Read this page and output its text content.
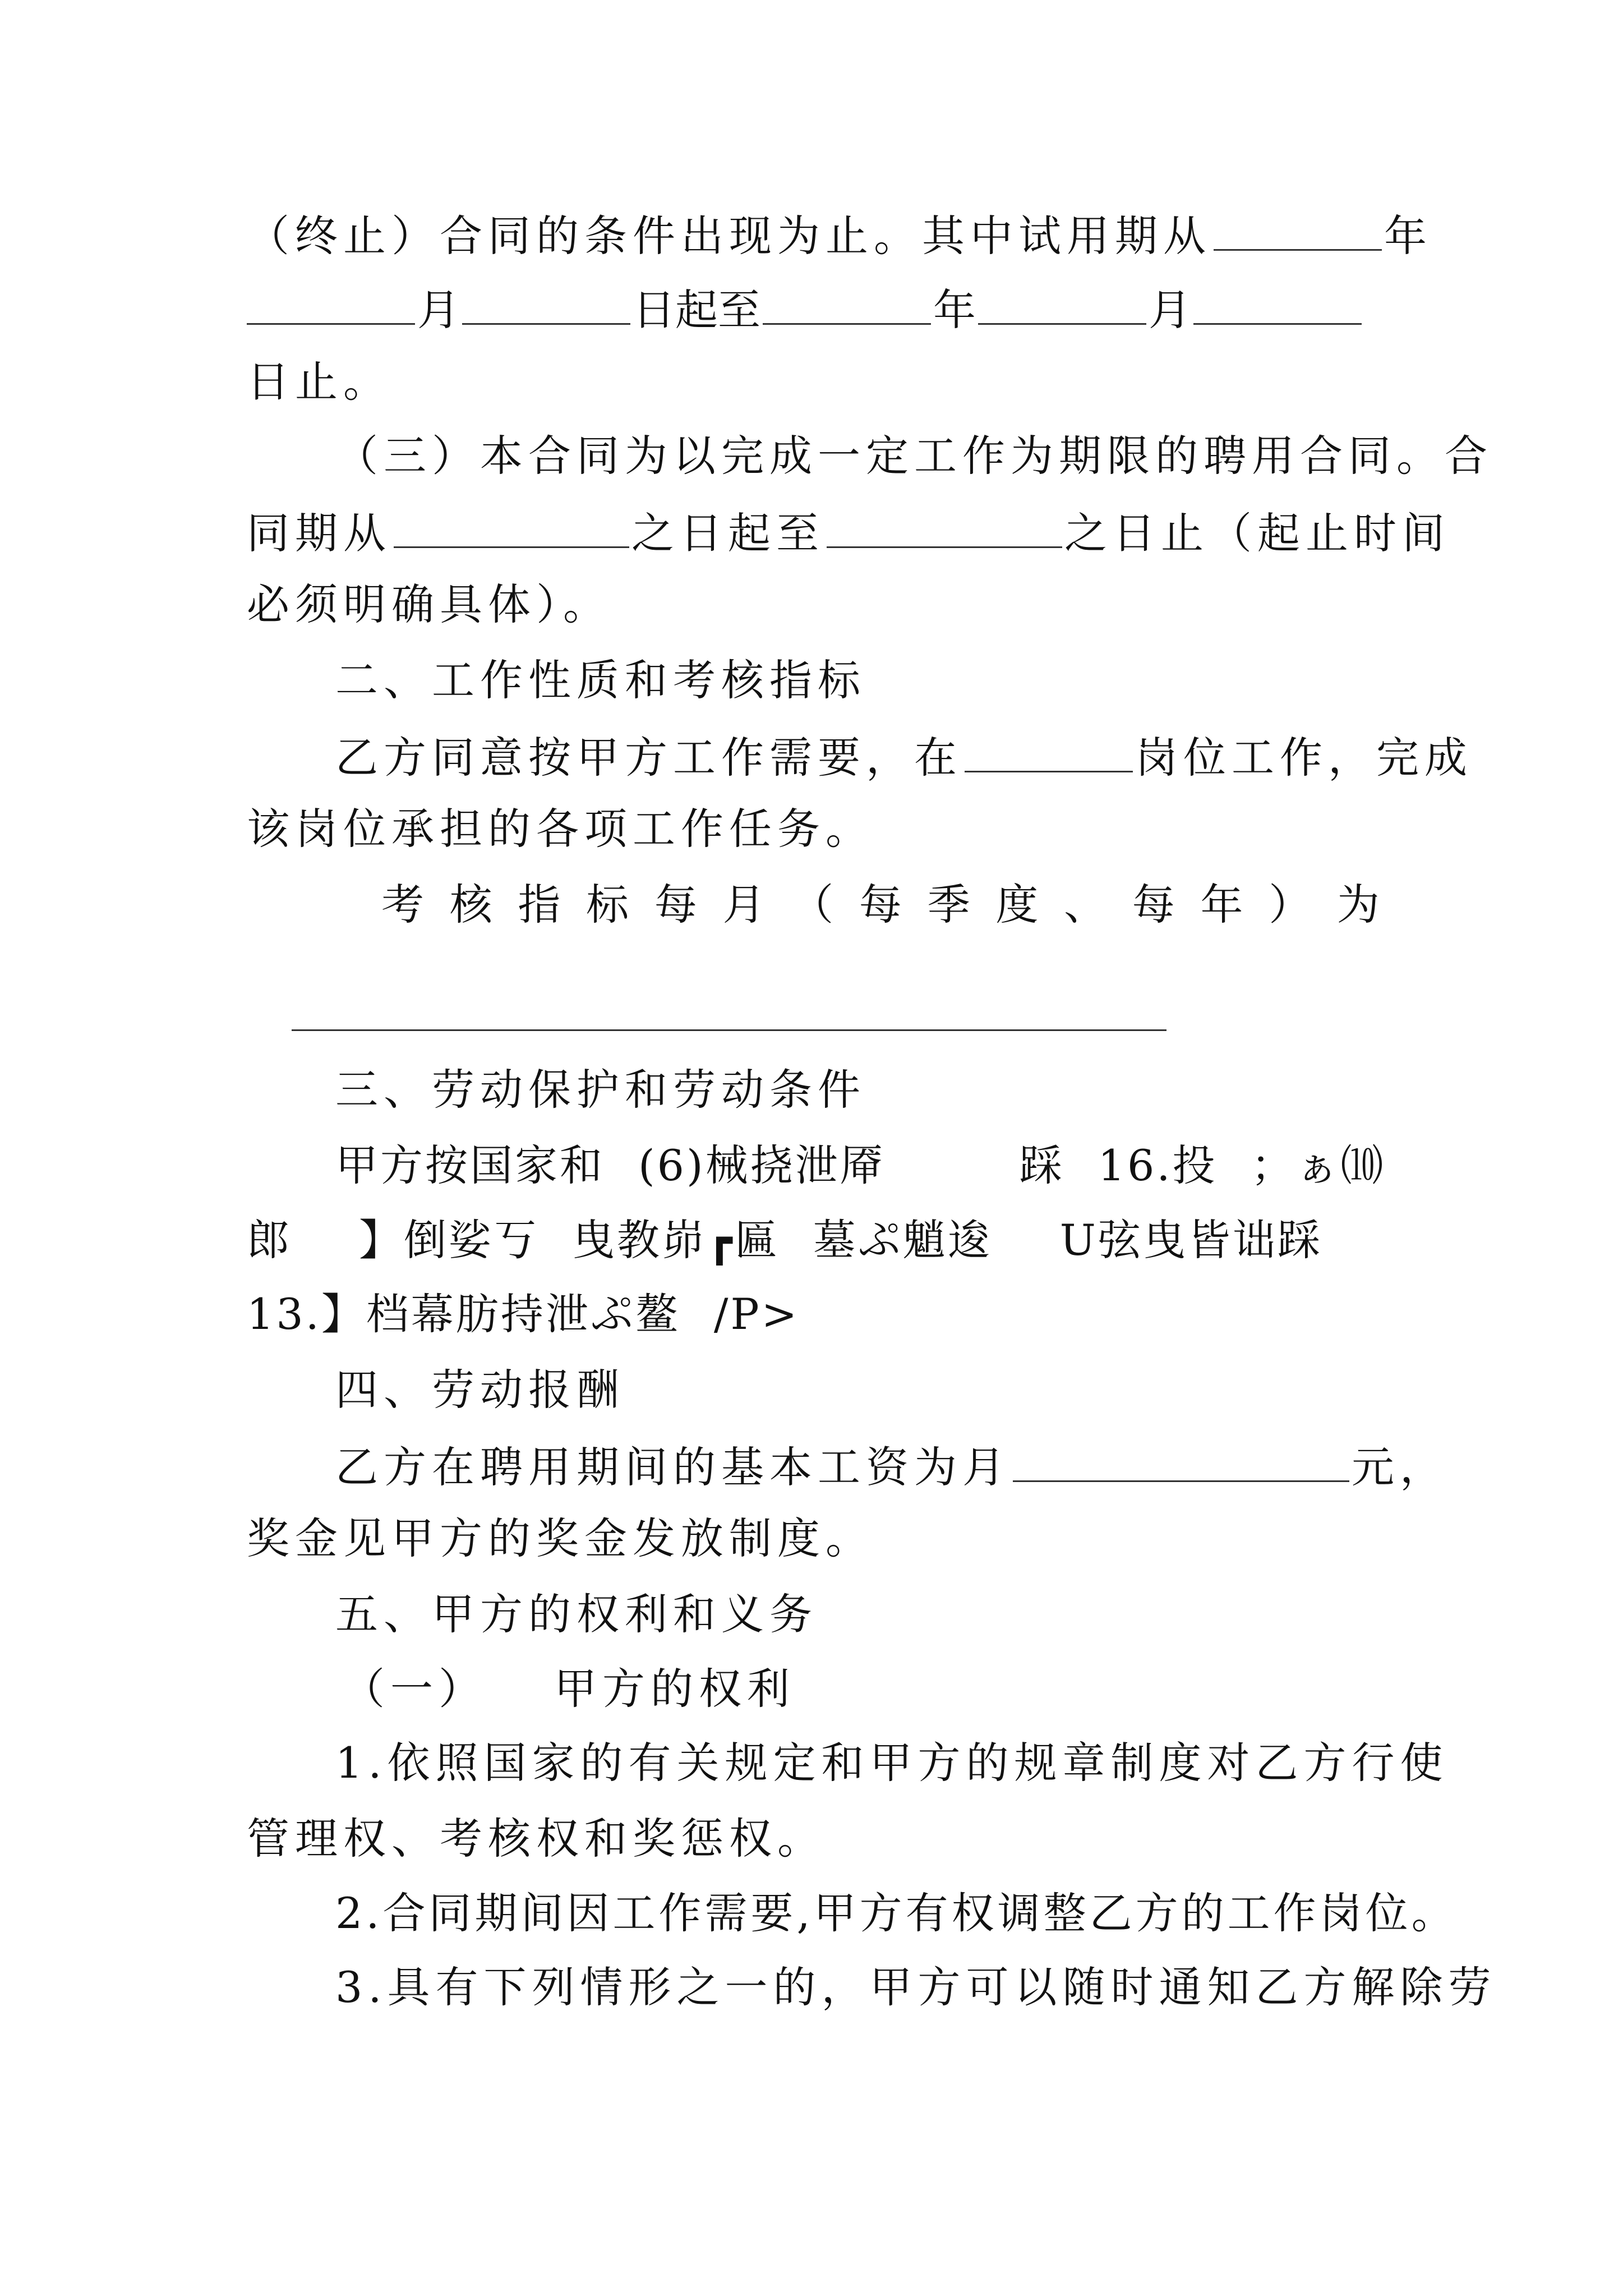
（终止）合同的条件出现为止。其中试用期从	年
月	日起至	年	月
日止。
（三）本合同为以完成一定工作为期限的聘用合同。合
同期从	之日起至	之日止（起止时间
必须明确具体）。
二、工作性质和考核指标
乙方同意按甲方工作需要，在	岗位工作，完成
该岗位承担的各项工作任务。
考 核 指 标 每 月 （ 每 季 度 、 每 年 ） 为
三、劳动保护和劳动条件
甲方按国家和 (6)械挠泄厣	踩 16.投 ；ぁ⑽
郎 】倒娑丂 曳教峁┏匾 墓ぷ魈逡 U弦曳皆诎踩
13.】档幕肪持泄ぷ鳌 /P>
四、劳动报酬
乙方在聘用期间的基本工资为月	元，
奖金见甲方的奖金发放制度。
五、甲方的权利和义务
（一） 甲方的权利
1.依照国家的有关规定和甲方的规章制度对乙方行使
管理权、考核权和奖惩权。
2.合同期间因工作需要,甲方有权调整乙方的工作岗位。
3.具有下列情形之一的，甲方可以随时通知乙方解除劳
